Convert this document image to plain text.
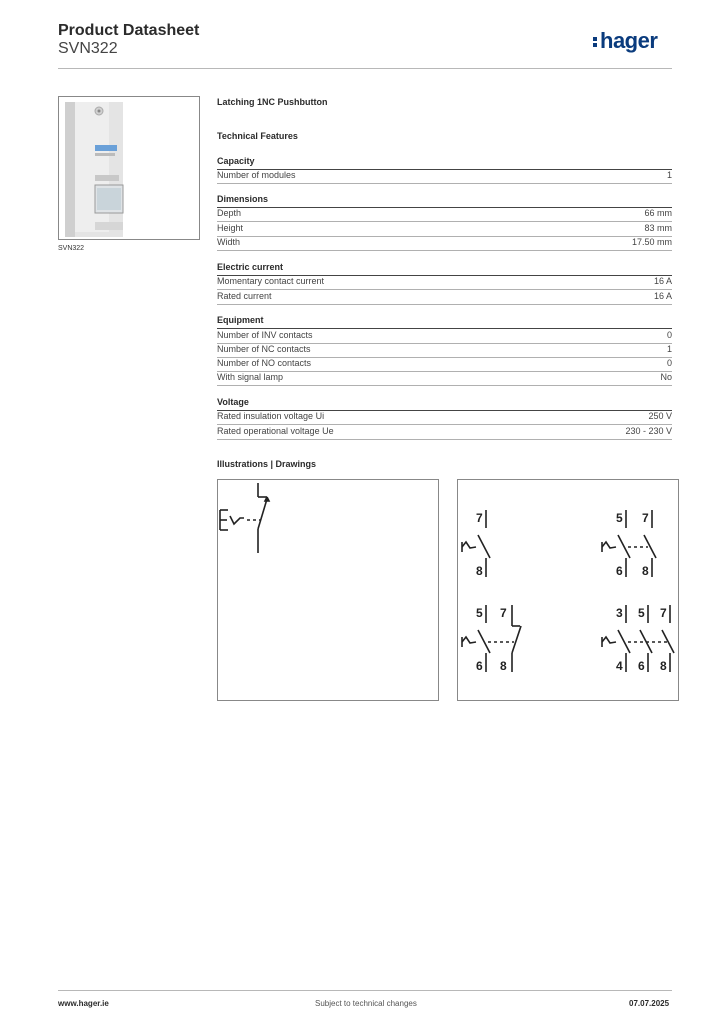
Product Datasheet
SVN322	hager
SVN322
Latching 1NC Pushbutton
Technical Features
Capacity
Number of modules	1
Dimensions
Depth	66 mm
Height	83 mm
Width	17.50 mm
Electric current
Momentary contact current	16 A
Rated current	16 A
Equipment
Number of INV contacts	0
Number of NC contacts	1
Number of NO contacts	0
With signal lamp	No
Voltage
Rated insulation voltage Ui	250 V
Rated operational voltage Ue	230 - 230 V
Illustrations | Drawings
7
8
5 7
6 8
5 7
6 8
3 5 7
4 6 8
www.hager.ie	Subject to technical changes	07.07.2025
